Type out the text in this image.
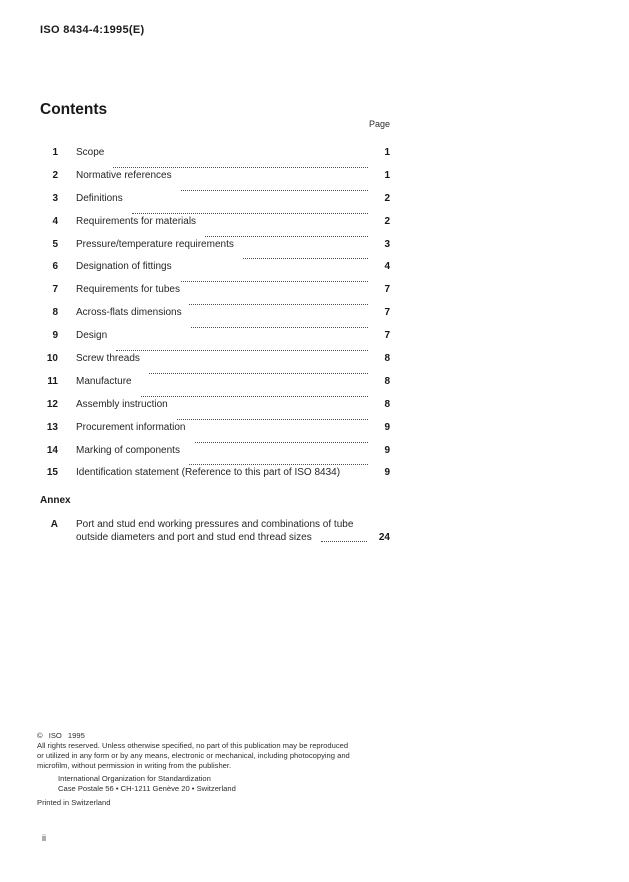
ISO 8434-4:1995(E)
Contents
Page
1 Scope	1
2 Normative references	1
3 Definitions	2
4 Requirements for materials	2
5 Pressure/temperature requirements	3
6 Designation of fittings	4
7 Requirements for tubes	7
8 Across-flats dimensions	7
9 Design	7
10 Screw threads	8
11 Manufacture	8
12 Assembly instruction	8
13 Procurement information	9
14 Marking of components	9
15 Identification statement (Reference to this part of ISO 8434)	9
Annex
A Port and stud end working pressures and combinations of tube
outside diameters and port and stud end thread sizes	24
© ISO 1995
All rights reserved. Unless otherwise specified, no part of this publication may be reproduced
or utilized in any form or by any means, electronic or mechanical, including photocopying and
microfilm, without permission in writing from the publisher.
International Organization for Standardization
Case Postale 56 • CH-1211 Genève 20 • Switzerland
Printed in Switzerland
ii
